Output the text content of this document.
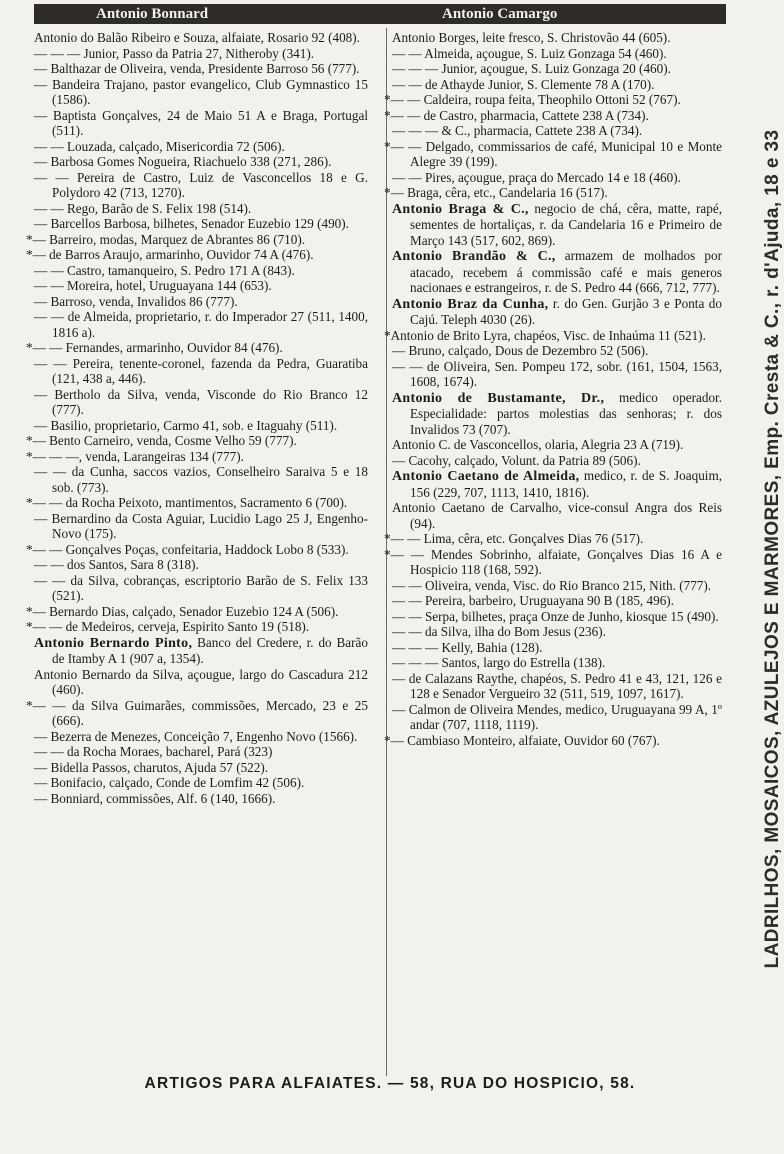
Antonio Bonnard	Antonio Camargo

Antonio do Balão Ribeiro e Souza, alfaiate, Rosario 92 (408).

— — — Junior, Passo da Patria 27, Nitheroby (341).

— Balthazar de Oliveira, venda, Presidente Barroso 56 (777).

— Bandeira Trajano, pastor evangelico, Club Gymnastico 15 (1586).

— Baptista Gonçalves, 24 de Maio 51 A e Braga, Portugal (511).

— — Louzada, calçado, Misericordia 72 (506).

— Barbosa Gomes Nogueira, Riachuelo 338 (271, 286).

— — Pereira de Castro, Luiz de Vasconcellos 18 e G. Polydoro 42 (713, 1270).

— — Rego, Barão de S. Felix 198 (514).

— Barcellos Barbosa, bilhetes, Senador Euzebio 129 (490).

*— Barreiro, modas, Marquez de Abrantes 86 (710).

*— de Barros Araujo, armarinho, Ouvidor 74 A (476).

— — Castro, tamanqueiro, S. Pedro 171 A (843).

— — Moreira, hotel, Uruguayana 144 (653).

— Barroso, venda, Invalidos 86 (777).

— — de Almeida, proprietario, r. do Imperador 27 (511, 1400, 1816 a).

*— — Fernandes, armarinho, Ouvidor 84 (476).

— — Pereira, tenente-coronel, fazenda da Pedra, Guaratiba (121, 438 a, 446).

— Bertholo da Silva, venda, Visconde do Rio Branco 12 (777).

— Basilio, proprietario, Carmo 41, sob. e Itaguahy (511).

*— Bento Carneiro, venda, Cosme Velho 59 (777).

*— — —, venda, Larangeiras 134 (777).

— — da Cunha, saccos vazios, Conselheiro Saraiva 5 e 18 sob. (773).

*— — da Rocha Peixoto, mantimentos, Sacramento 6 (700).

— Bernardino da Costa Aguiar, Lucidio Lago 25 J, Engenho-Novo (175).

*— — Gonçalves Poças, confeitaria, Haddock Lobo 8 (533).

— — dos Santos, Sara 8 (318).

— — da Silva, cobranças, escriptorio Barão de S. Felix 133 (521).

*— Bernardo Dias, calçado, Senador Euzebio 124 A (506).

*— — de Medeiros, cerveja, Espirito Santo 19 (518).

Antonio Bernardo Pinto, Banco del Credere, r. do Barão de Itamby A 1 (907 a, 1354).

Antonio Bernardo da Silva, açougue, largo do Cascadura 212 (460).

*— — da Silva Guimarães, commissões, Mercado, 23 e 25 (666).

— Bezerra de Menezes, Conceição 7, Engenho Novo (1566).

— — da Rocha Moraes, bacharel, Pará (323)

— Bidella Passos, charutos, Ajuda 57 (522).

— Bonifacio, calçado, Conde de Lomfim 42 (506).

— Bonniard, commissões, Alf. 6 (140, 1666).

Antonio Borges, leite fresco, S. Christovão 44 (605).

— — Almeida, açougue, S. Luiz Gonzaga 54 (460).

— — — Junior, açougue, S. Luiz Gonzaga 20 (460).

— — de Athayde Junior, S. Clemente 78 A (170).

*— — Caldeira, roupa feita, Theophilo Ottoni 52 (767).

*— — de Castro, pharmacia, Cattete 238 A (734).

— — — & C., pharmacia, Cattete 238 A (734).

*— — Delgado, commissarios de café, Municipal 10 e Monte Alegre 39 (199).

— — Pires, açougue, praça do Mercado 14 e 18 (460).

*— Braga, cêra, etc., Candelaria 16 (517).

Antonio Braga & C., negocio de chá, cêra, matte, rapé, sementes de hortaliças, r. da Candelaria 16 e Primeiro de Março 143 (517, 602, 869).

Antonio Brandão & C., armazem de molhados por atacado, recebem á commissão café e mais generos nacionaes e estrangeiros, r. de S. Pedro 44 (666, 712, 777).

Antonio Braz da Cunha, r. do Gen. Gurjão 3 e Ponta do Cajú. Teleph 4030 (26).

*Antonio de Brito Lyra, chapéos, Visc. de Inhaúma 11 (521).

— Bruno, calçado, Dous de Dezembro 52 (506).

— — de Oliveira, Sen. Pompeu 172, sobr. (161, 1504, 1563, 1608, 1674).

Antonio de Bustamante, Dr., medico operador. Especialidade: partos molestias das senhoras; r. dos Invalidos 73 (707).

Antonio C. de Vasconcellos, olaria, Alegria 23 A (719).

— Cacohy, calçado, Volunt. da Patria 89 (506).

Antonio Caetano de Almeida, medico, r. de S. Joaquim, 156 (229, 707, 1113, 1410, 1816).

Antonio Caetano de Carvalho, vice-consul Angra dos Reis (94).

*— — Lima, cêra, etc. Gonçalves Dias 76 (517).

*— — Mendes Sobrinho, alfaiate, Gonçalves Dias 16 A e Hospicio 118 (168, 592).

— — Oliveira, venda, Visc. do Rio Branco 215, Nith. (777).

— — Pereira, barbeiro, Uruguayana 90 B (185, 496).

— — Serpa, bilhetes, praça Onze de Junho, kiosque 15 (490).

— — da Silva, ilha do Bom Jesus (236).

— — — Kelly, Bahia (128).

— — — Santos, largo do Estrella (138).

— de Calazans Raythe, chapéos, S. Pedro 41 e 43, 121, 126 e 128 e Senador Vergueiro 32 (511, 519, 1097, 1617).

— Calmon de Oliveira Mendes, medico, Uruguayana 99 A, 1º andar (707, 1118, 1119).

*— Cambiaso Monteiro, alfaiate, Ouvidor 60 (767).	LADRILHOS, MOSAICOS, AZULEJOS E MARMORES, Emp. Cresta & C., r. d'Ajuda, 18 e 33
ARTIGOS PARA ALFAIATES. — 58, RUA DO HOSPICIO, 58.
